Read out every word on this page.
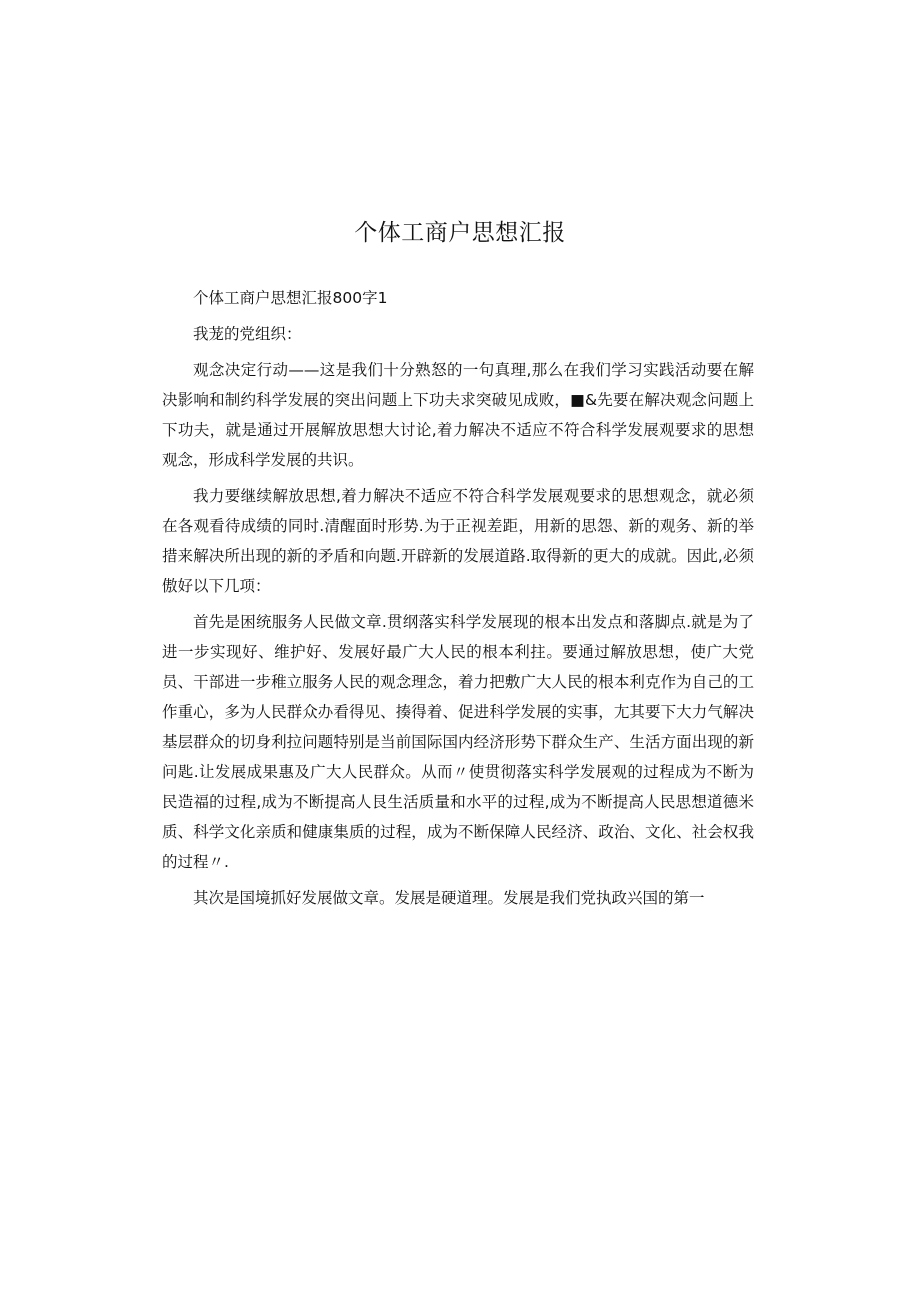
个体工商户思想汇报

个体工商户思想汇报800字1

我茏的党组织：

观念决定行动——这是我们十分熟怒的一句真理,那么在我们学习实践活动要在解决影响和制约科学发展的突出问题上下功夫求突破见成败，■&先要在解决观念问题上下功夫，就是通过开展解放思想大讨论,着力解决不适应不符合科学发展观要求的思想观念，形成科学发展的共识。

我力要继续解放思想,着力解决不适应不符合科学发展观要求的思想观念，就必须在各观看待成绩的同时.清醒面时形势.为于正视差距，用新的思怨、新的观务、新的举措来解决所出现的新的矛盾和向题.开辟新的发展道路.取得新的更大的成就。因此,必须傲好以下几项：

首先是困统服务人民做文章.贯纲落实科学发展现的根本出发点和落脚点.就是为了进一步实现好、维护好、发展好最广大人民的根本利拄。要通过解放思想，使广大党员、干部进一步稚立服务人民的观念理念，着力把敷广大人民的根本利克作为自己的工作重心，多为人民群众办看得见、揍得着、促进科学发展的实事，尢其要下大力气解决基层群众的切身利拉问题特别是当前国际国内经济形势下群众生产、生活方面出现的新问匙.让发展成果惠及广大人民群众。从而〃使贯彻落实科学发展观的过程成为不断为民造福的过程,成为不断提高人艮生活质量和水平的过程,成为不断提高人民思想道德米质、科学文化亲质和健康集质的过程，成为不断保障人民经济、政治、文化、社会权我的过程〃.

其次是国境抓好发展做文章。发展是硬道理。发展是我们党执政兴国的第一
